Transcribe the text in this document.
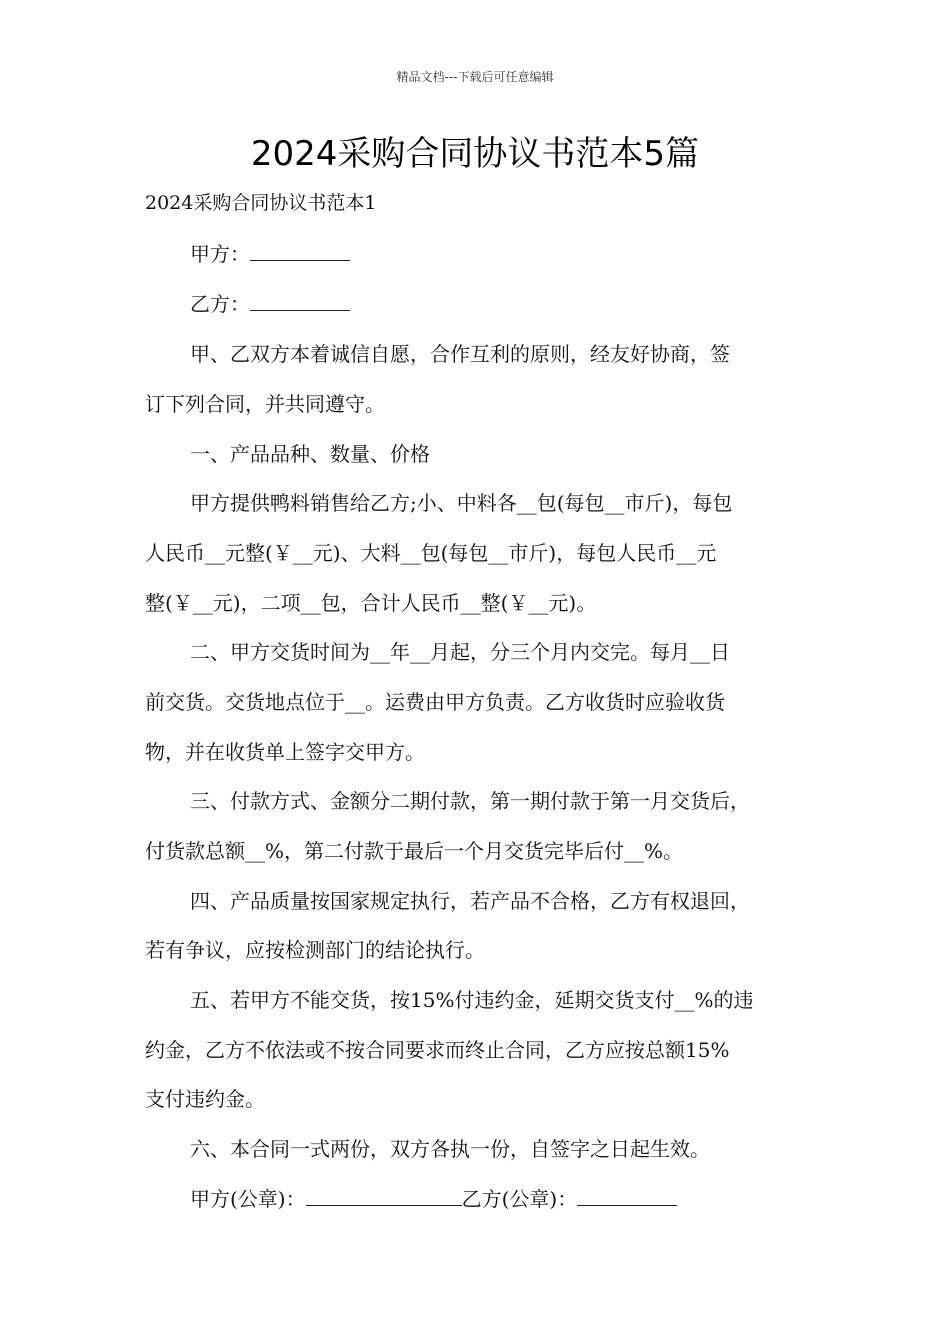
精品文档---下载后可任意编辑
2024采购合同协议书范本5篇
2024采购合同协议书范本1
甲方：
乙方：
甲、乙双方本着诚信自愿，合作互利的原则，经友好协商，签
订下列合同，并共同遵守。
一、产品品种、数量、价格
甲方提供鸭料销售给乙方;小、中料各__包(每包__市斤)，每包
人民币__元整(￥__元)、大料__包(每包__市斤)，每包人民币__元
整(￥__元)，二项__包，合计人民币__整(￥__元)。
二、甲方交货时间为__年__月起，分三个月内交完。每月__日
前交货。交货地点位于__。运费由甲方负责。乙方收货时应验收货
物，并在收货单上签字交甲方。
三、付款方式、金额分二期付款，第一期付款于第一月交货后，
付货款总额__%，第二付款于最后一个月交货完毕后付__%。
四、产品质量按国家规定执行，若产品不合格，乙方有权退回，
若有争议，应按检测部门的结论执行。
五、若甲方不能交货，按15%付违约金，延期交货支付__%的违
约金，乙方不依法或不按合同要求而终止合同，乙方应按总额15%
支付违约金。
六、本合同一式两份，双方各执一份，自签字之日起生效。
甲方(公章)：	乙方(公章)：
